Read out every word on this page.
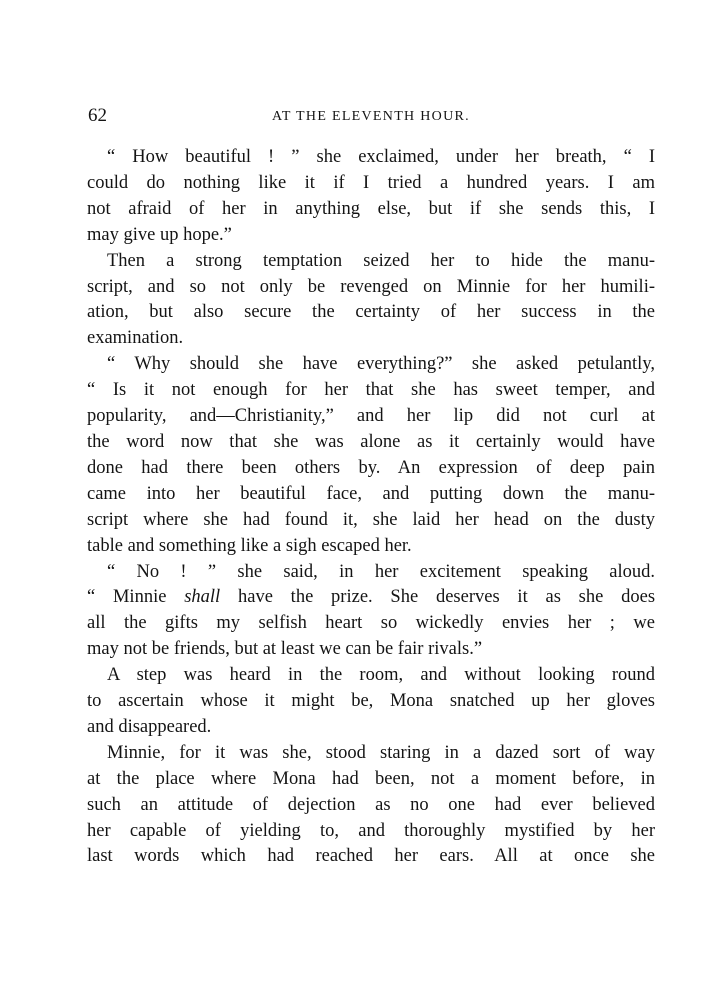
62	AT THE ELEVENTH HOUR.

“ How beautiful ! ” she exclaimed, under her breath, “ I
could do nothing like it if I tried a hundred years. I am
not afraid of her in anything else, but if she sends this, I
may give up hope.”

Then a strong temptation seized her to hide the manu-
script, and so not only be revenged on Minnie for her humili-
ation, but also secure the certainty of her success in the
examination.

“ Why should she have everything?” she asked petulantly,
“ Is it not enough for her that she has sweet temper, and
popularity, and—Christianity,” and her lip did not curl at
the word now that she was alone as it certainly would have
done had there been others by. An expression of deep pain
came into her beautiful face, and putting down the manu-
script where she had found it, she laid her head on the dusty
table and something like a sigh escaped her.

“ No ! ” she said, in her excitement speaking aloud.
“ Minnie shall have the prize. She deserves it as she does
all the gifts my selfish heart so wickedly envies her ; we
may not be friends, but at least we can be fair rivals.”

A step was heard in the room, and without looking round
to ascertain whose it might be, Mona snatched up her gloves
and disappeared.

Minnie, for it was she, stood staring in a dazed sort of way
at the place where Mona had been, not a moment before, in
such an attitude of dejection as no one had ever believed
her capable of yielding to, and thoroughly mystified by her
last words which had reached her ears. All at once she
